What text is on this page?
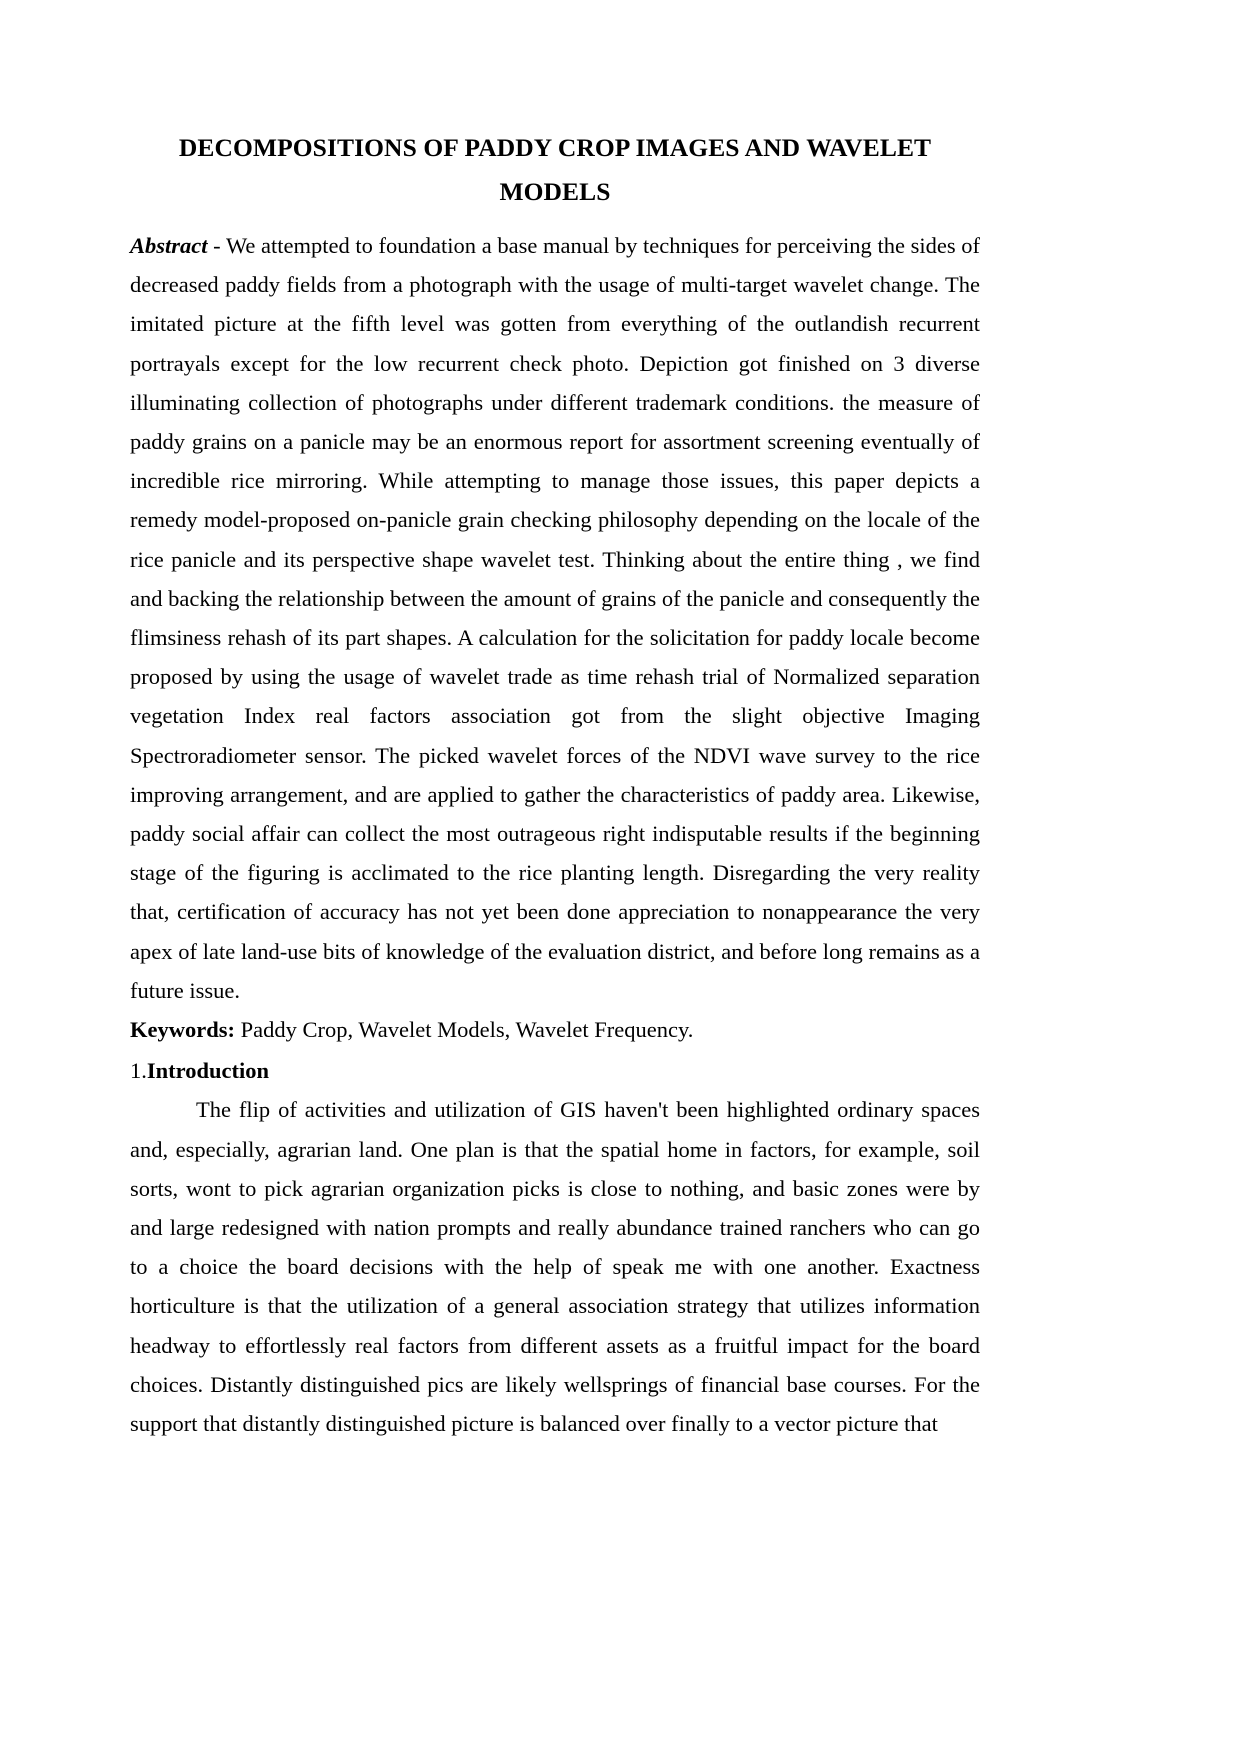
DECOMPOSITIONS OF PADDY CROP IMAGES AND WAVELET MODELS

Abstract - We attempted to foundation a base manual by techniques for perceiving the sides of decreased paddy fields from a photograph with the usage of multi-target wavelet change. The imitated picture at the fifth level was gotten from everything of the outlandish recurrent portrayals except for the low recurrent check photo. Depiction got finished on 3 diverse illuminating collection of photographs under different trademark conditions. the measure of paddy grains on a panicle may be an enormous report for assortment screening eventually of incredible rice mirroring. While attempting to manage those issues, this paper depicts a remedy model-proposed on-panicle grain checking philosophy depending on the locale of the rice panicle and its perspective shape wavelet test. Thinking about the entire thing , we find and backing the relationship between the amount of grains of the panicle and consequently the flimsiness rehash of its part shapes. A calculation for the solicitation for paddy locale become proposed by using the usage of wavelet trade as time rehash trial of Normalized separation vegetation Index real factors association got from the slight objective Imaging Spectroradiometer sensor. The picked wavelet forces of the NDVI wave survey to the rice improving arrangement, and are applied to gather the characteristics of paddy area. Likewise, paddy social affair can collect the most outrageous right indisputable results if the beginning stage of the figuring is acclimated to the rice planting length. Disregarding the very reality that, certification of accuracy has not yet been done appreciation to nonappearance the very apex of late land-use bits of knowledge of the evaluation district, and before long remains as a future issue.

Keywords: Paddy Crop, Wavelet Models, Wavelet Frequency.

1.Introduction

The flip of activities and utilization of GIS haven't been highlighted ordinary spaces and, especially, agrarian land. One plan is that the spatial home in factors, for example, soil sorts, wont to pick agrarian organization picks is close to nothing, and basic zones were by and large redesigned with nation prompts and really abundance trained ranchers who can go to a choice the board decisions with the help of speak me with one another. Exactness horticulture is that the utilization of a general association strategy that utilizes information headway to effortlessly real factors from different assets as a fruitful impact for the board choices. Distantly distinguished pics are likely wellsprings of financial base courses. For the support that distantly distinguished picture is balanced over finally to a vector picture that
